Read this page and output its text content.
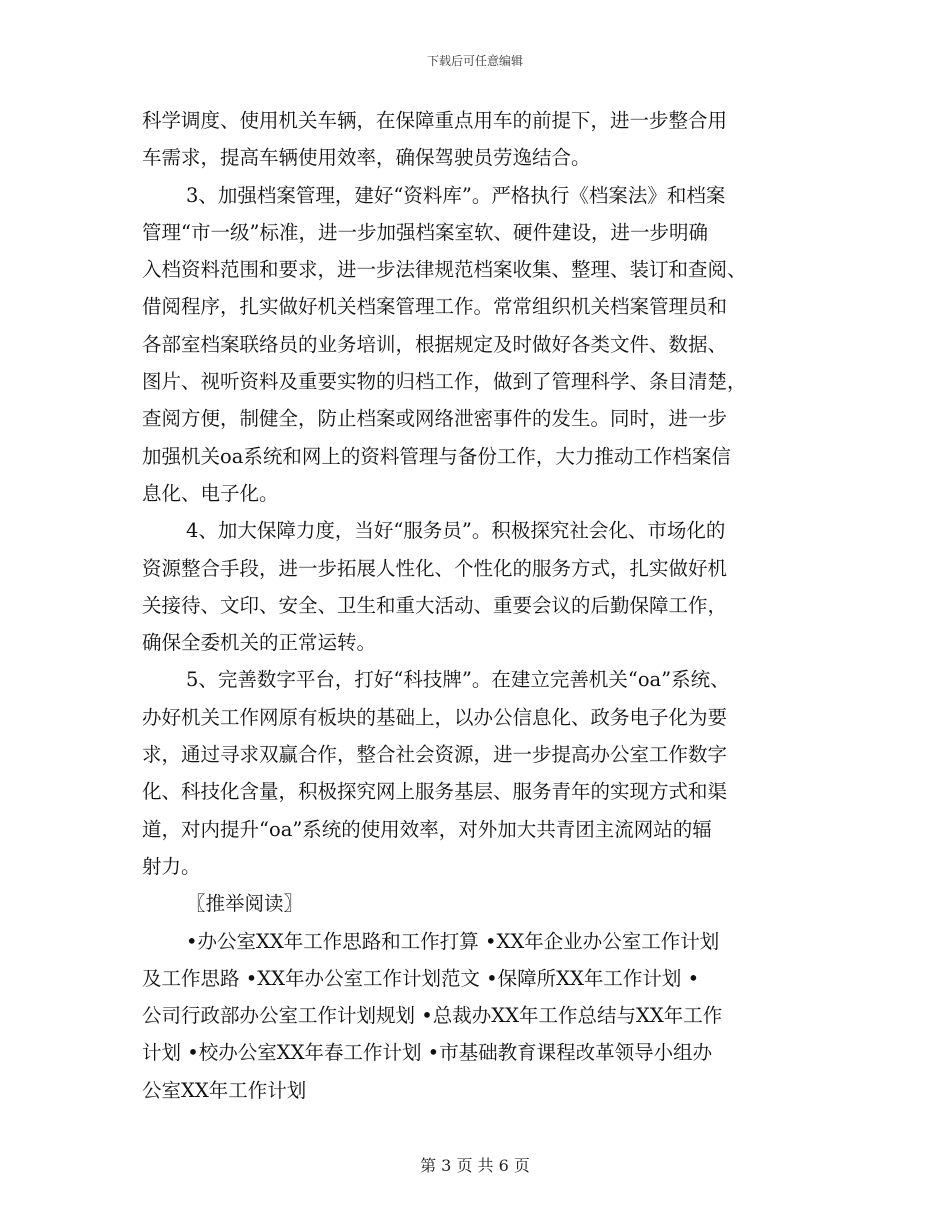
下载后可任意编辑
科学调度、使用机关车辆，在保障重点用车的前提下，进一步整合用
车需求，提高车辆使用效率，确保驾驶员劳逸结合。
3、加强档案管理，建好“资料库”。严格执行《档案法》和档案
管理“市一级”标准，进一步加强档案室软、硬件建设，进一步明确
入档资料范围和要求，进一步法律规范档案收集、整理、装订和查阅、
借阅程序，扎实做好机关档案管理工作。常常组织机关档案管理员和
各部室档案联络员的业务培训，根据规定及时做好各类文件、数据、
图片、视听资料及重要实物的归档工作，做到了管理科学、条目清楚，
查阅方便，制健全，防止档案或网络泄密事件的发生。同时，进一步
加强机关oa系统和网上的资料管理与备份工作，大力推动工作档案信
息化、电子化。
4、加大保障力度，当好“服务员”。积极探究社会化、市场化的
资源整合手段，进一步拓展人性化、个性化的服务方式，扎实做好机
关接待、文印、安全、卫生和重大活动、重要会议的后勤保障工作，
确保全委机关的正常运转。
5、完善数字平台，打好“科技牌”。在建立完善机关“oa”系统、
办好机关工作网原有板块的基础上，以办公信息化、政务电子化为要
求，通过寻求双赢合作，整合社会资源，进一步提高办公室工作数字
化、科技化含量，积极探究网上服务基层、服务青年的实现方式和渠
道，对内提升“oa”系统的使用效率，对外加大共青团主流网站的辐
射力。
〖推举阅读〗
•办公室XX年工作思路和工作打算 •XX年企业办公室工作计划
及工作思路 •XX年办公室工作计划范文 •保障所XX年工作计划 •
公司行政部办公室工作计划规划 •总裁办XX年工作总结与XX年工作
计划 •校办公室XX年春工作计划 •市基础教育课程改革领导小组办
公室XX年工作计划
第 3 页 共 6 页
